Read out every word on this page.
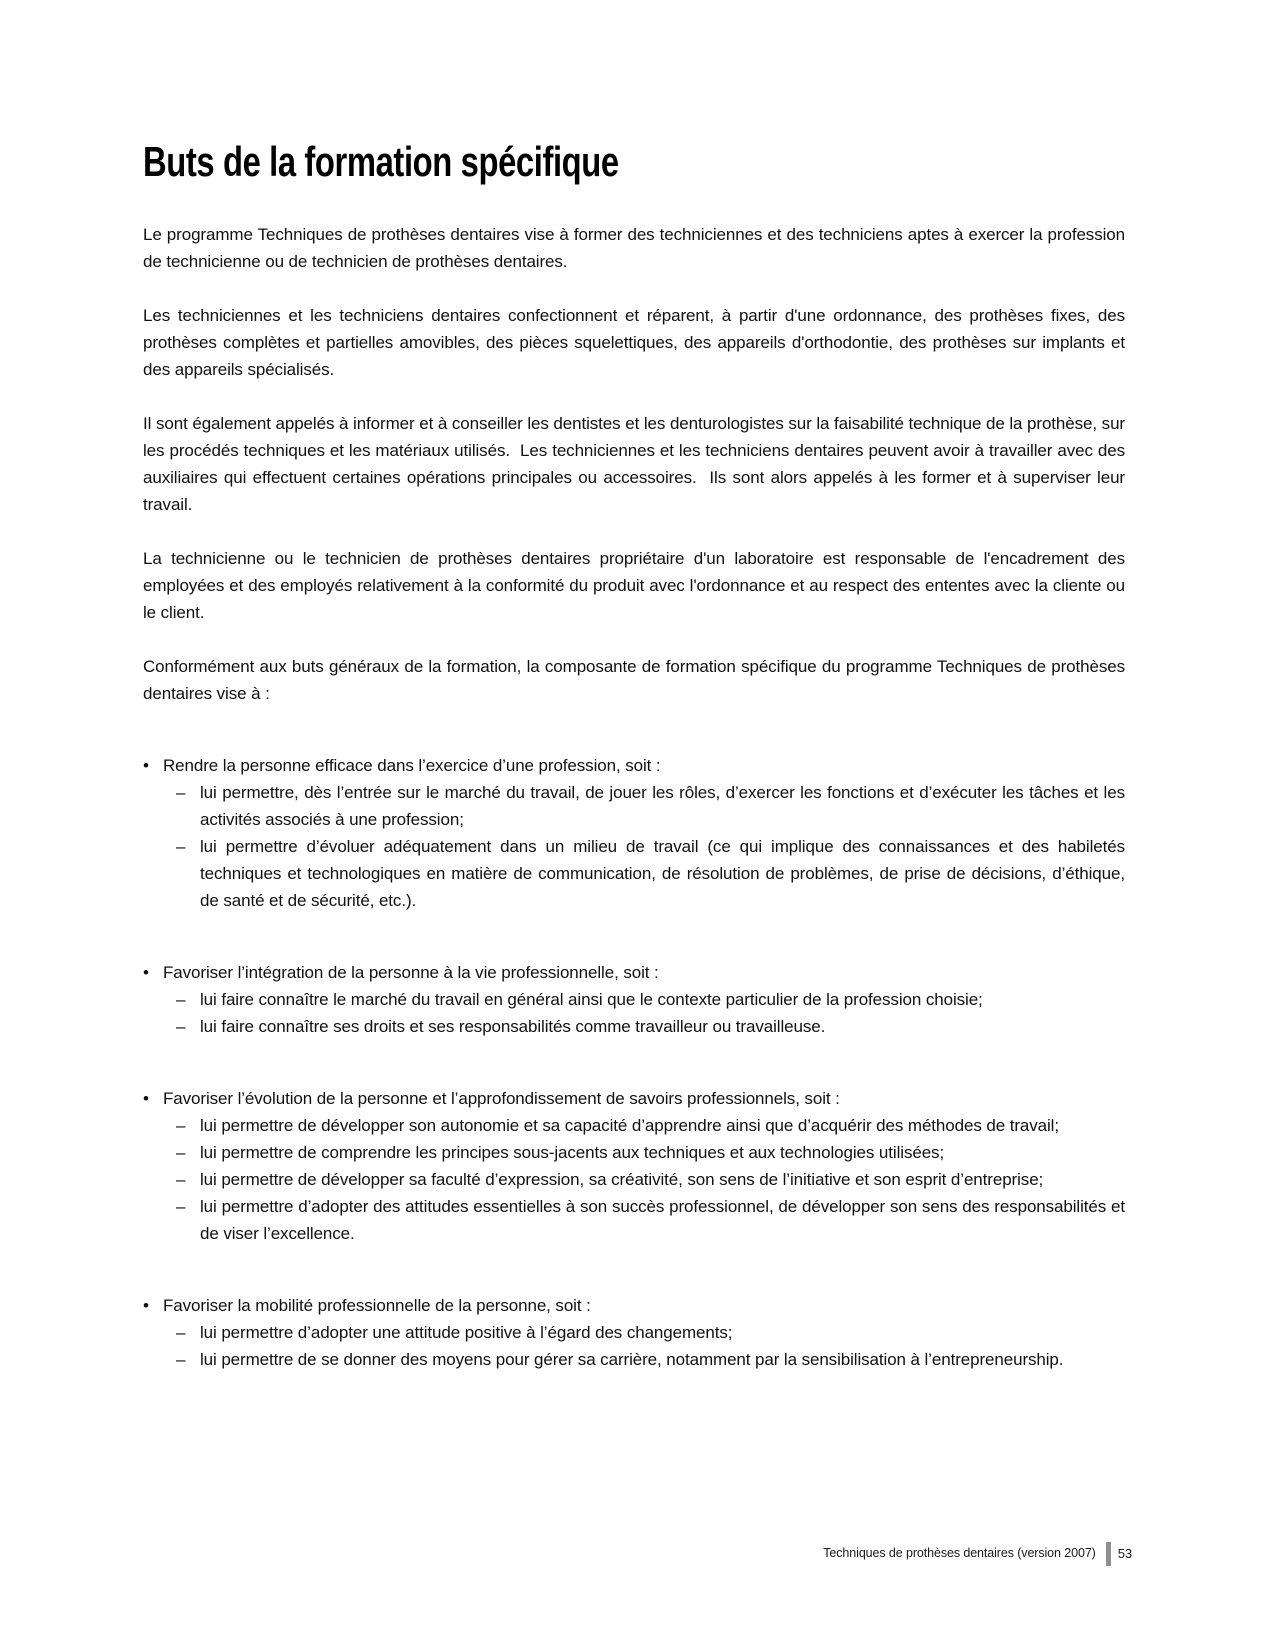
Buts de la formation spécifique

Le programme Techniques de prothèses dentaires vise à former des techniciennes et des techniciens aptes à exercer la profession de technicienne ou de technicien de prothèses dentaires.

Les techniciennes et les techniciens dentaires confectionnent et réparent, à partir d'une ordonnance, des prothèses fixes, des prothèses complètes et partielles amovibles, des pièces squelettiques, des appareils d'orthodontie, des prothèses sur implants et des appareils spécialisés.

Il sont également appelés à informer et à conseiller les dentistes et les denturologistes sur la faisabilité technique de la prothèse, sur les procédés techniques et les matériaux utilisés.  Les techniciennes et les techniciens dentaires peuvent avoir à travailler avec des auxiliaires qui effectuent certaines opérations principales ou accessoires.  Ils sont alors appelés à les former et à superviser leur travail.

La technicienne ou le technicien de prothèses dentaires propriétaire d'un laboratoire est responsable de l'encadrement des employées et des employés relativement à la conformité du produit avec l'ordonnance et au respect des ententes avec la cliente ou le client.

Conformément aux buts généraux de la formation, la composante de formation spécifique du programme Techniques de prothèses dentaires vise à :

• Rendre la personne efficace dans l’exercice d’une profession, soit :
– lui permettre, dès l’entrée sur le marché du travail, de jouer les rôles, d’exercer les fonctions et d’exécuter les tâches et les activités associés à une profession;
– lui permettre d’évoluer adéquatement dans un milieu de travail (ce qui implique des connaissances et des habiletés techniques et technologiques en matière de communication, de résolution de problèmes, de prise de décisions, d’éthique, de santé et de sécurité, etc.).
• Favoriser l’intégration de la personne à la vie professionnelle, soit :
– lui faire connaître le marché du travail en général ainsi que le contexte particulier de la profession choisie;
– lui faire connaître ses droits et ses responsabilités comme travailleur ou travailleuse.
• Favoriser l’évolution de la personne et l’approfondissement de savoirs professionnels, soit :
– lui permettre de développer son autonomie et sa capacité d’apprendre ainsi que d’acquérir des méthodes de travail;
– lui permettre de comprendre les principes sous-jacents aux techniques et aux technologies utilisées;
– lui permettre de développer sa faculté d’expression, sa créativité, son sens de l’initiative et son esprit d’entreprise;
– lui permettre d’adopter des attitudes essentielles à son succès professionnel, de développer son sens des responsabilités et de viser l’excellence.
• Favoriser la mobilité professionnelle de la personne, soit :
– lui permettre d’adopter une attitude positive à l’égard des changements;
– lui permettre de se donner des moyens pour gérer sa carrière, notamment par la sensibilisation à l’entrepreneurship.
Techniques de prothèses dentaires (version 2007) 53
